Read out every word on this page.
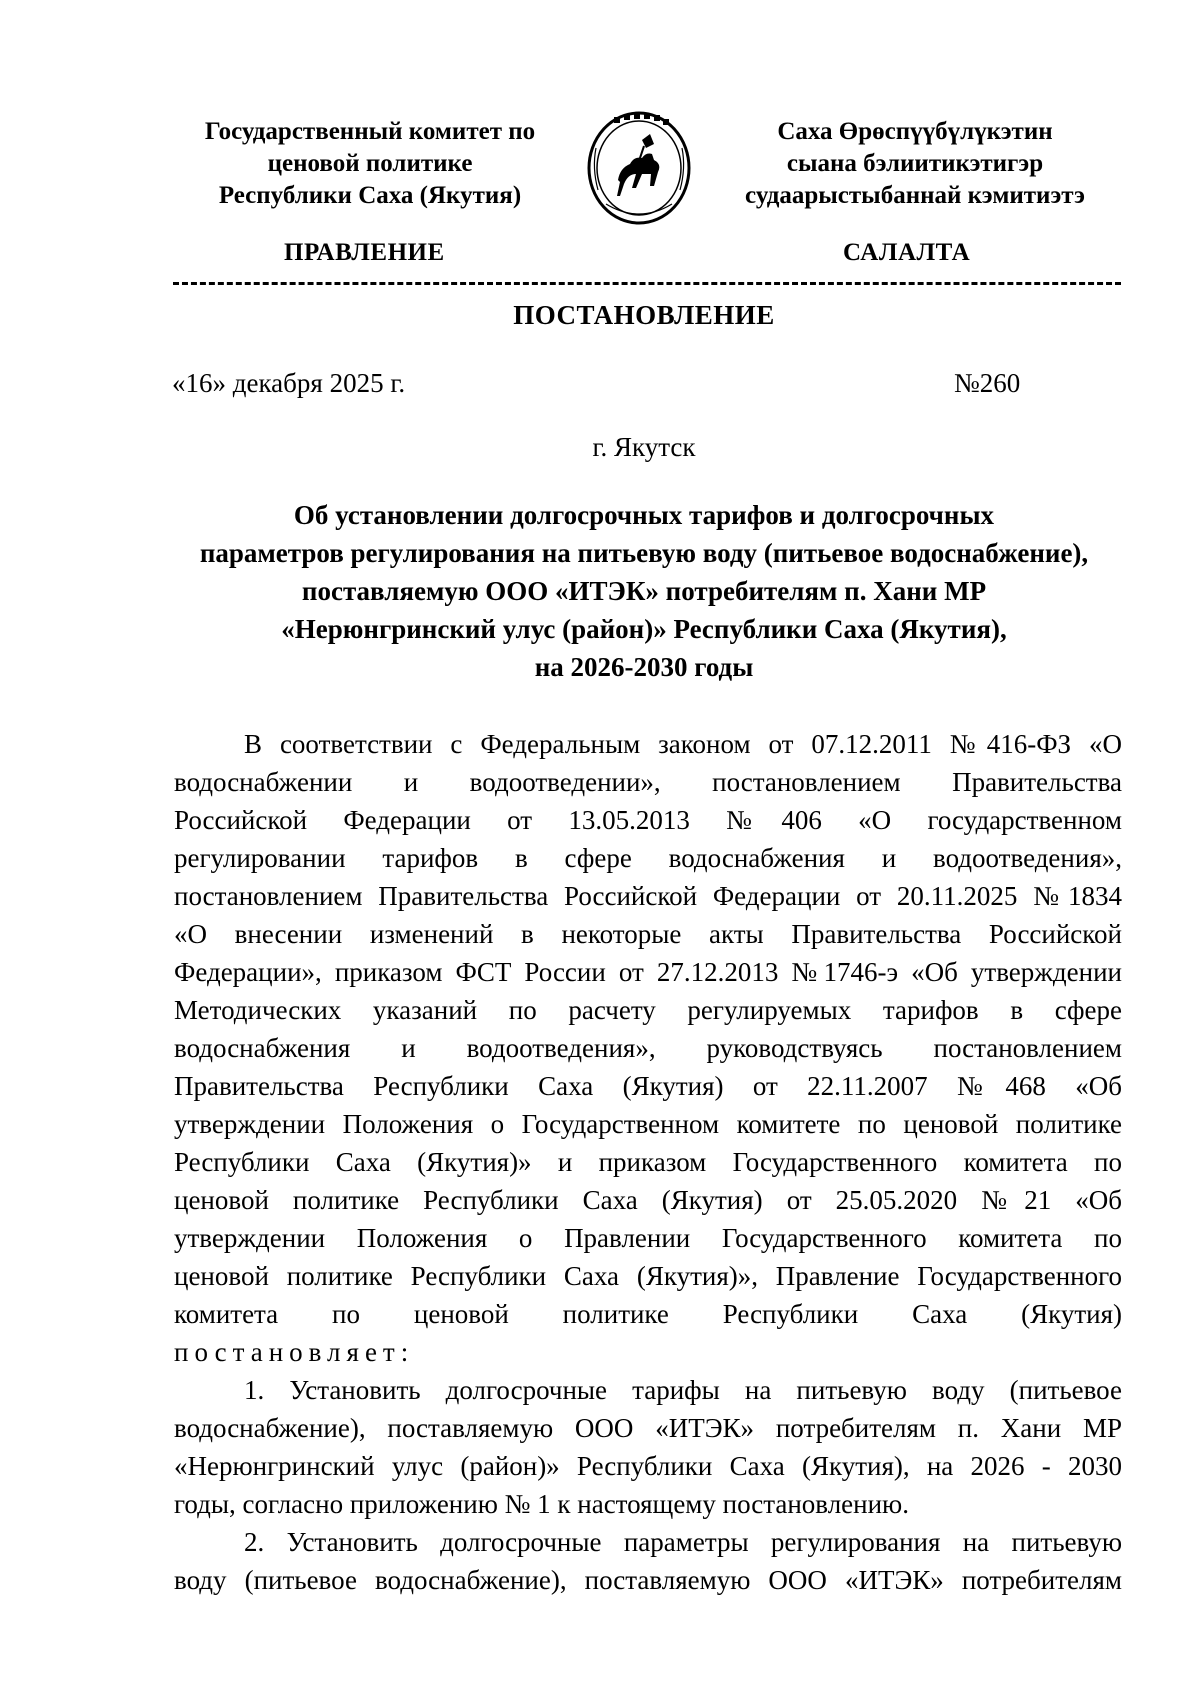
Государственный комитет по
ценовой политике
Республики Саха (Якутия)
Саха Өрөспүүбүлүкэтин
сыана бэлиитикэтигэр
судаарыстыбаннай кэмитиэтэ
ПРАВЛЕНИЕ	САЛАЛТА
ПОСТАНОВЛЕНИЕ
«16» декабря 2025 г.	№260
г. Якутск
Об установлении долгосрочных тарифов и долгосрочных
параметров регулирования на питьевую воду (питьевое водоснабжение),
поставляемую ООО «ИТЭК» потребителям п. Хани МР
«Нерюнгринский улус (район)» Республики Саха (Якутия),
на 2026-2030 годы
В соответствии с Федеральным законом от 07.12.2011 №416-ФЗ «О
водоснабжении и водоотведении», постановлением Правительства
Российской Федерации от 13.05.2013 №406 «О государственном
регулировании тарифов в сфере водоснабжения и водоотведения»,
постановлением Правительства Российской Федерации от 20.11.2025 №1834
«О внесении изменений в некоторые акты Правительства Российской
Федерации», приказом ФСТ России от 27.12.2013 №1746-э «Об утверждении
Методических указаний по расчету регулируемых тарифов в сфере
водоснабжения и водоотведения», руководствуясь постановлением
Правительства Республики Саха (Якутия) от 22.11.2007 №468 «Об
утверждении Положения о Государственном комитете по ценовой политике
Республики Саха (Якутия)» и приказом Государственного комитета по
ценовой политике Республики Саха (Якутия) от 25.05.2020 №21 «Об
утверждении Положения о Правлении Государственного комитета по
ценовой политике Республики Саха (Якутия)», Правление Государственного
комитета по ценовой политике Республики Саха (Якутия)
постановляет:
1. Установить долгосрочные тарифы на питьевую воду (питьевое
водоснабжение), поставляемую ООО «ИТЭК» потребителям п. Хани МР
«Нерюнгринский улус (район)» Республики Саха (Якутия), на 2026 - 2030
годы, согласно приложению № 1 к настоящему постановлению.
2. Установить долгосрочные параметры регулирования на питьевую
воду (питьевое водоснабжение), поставляемую ООО «ИТЭК» потребителям
